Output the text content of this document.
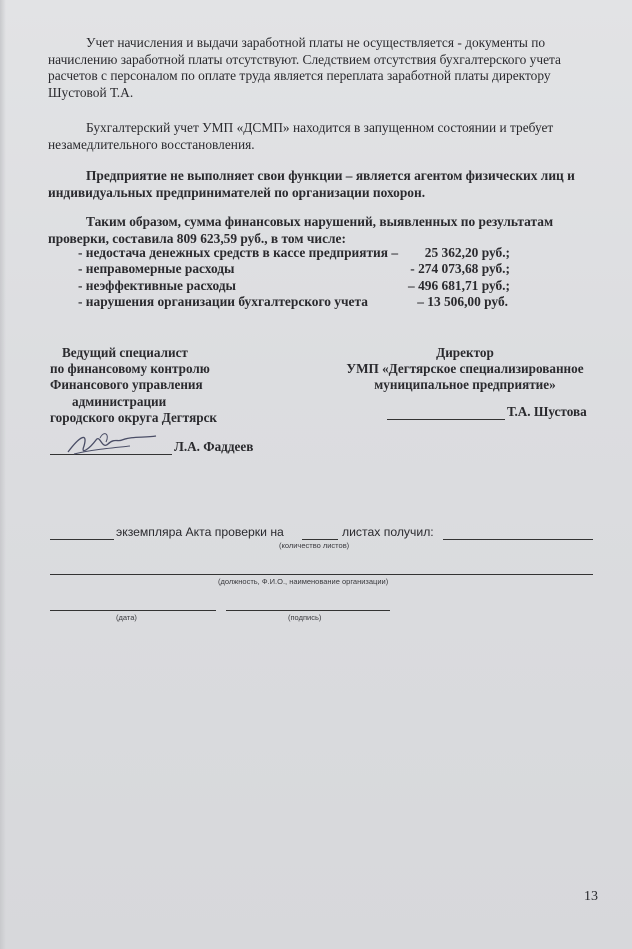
Учет начисления и выдачи заработной платы не осуществляется - документы по
начислению заработной платы отсутствуют. Следствием отсутствия бухгалтерского учета
расчетов с персоналом по оплате труда является переплата заработной платы директору
Шустовой Т.А.
Бухгалтерский учет УМП «ДСМП» находится в запущенном состоянии и требует
незамедлительного восстановления.
Предприятие не выполняет свои функции – является агентом физических лиц и
индивидуальных предпринимателей по организации похорон.
Таким образом, сумма финансовых нарушений, выявленных по результатам
проверки, составила 809 623,59 руб., в том числе:
- недостача денежных средств в кассе предприятия – 25 362,20 руб.;
- неправомерные расходы	- 274 073,68 руб.;
- неэффективные расходы	– 496 681,71 руб.;
- нарушения организации бухгалтерского учета	– 13 506,00 руб.
Ведущий специалист
по финансовому контролю
Финансового управления
администрации
городского округа Дегтярск
Л.А. Фаддеев
Директор
УМП «Дегтярское специализированное
муниципальное предприятие»
Т.А. Шустова
экземпляра Акта проверки на	листах получил:
(количество листов)
(должность, Ф.И.О., наименование организации)
(дата)	(подпись)
13
